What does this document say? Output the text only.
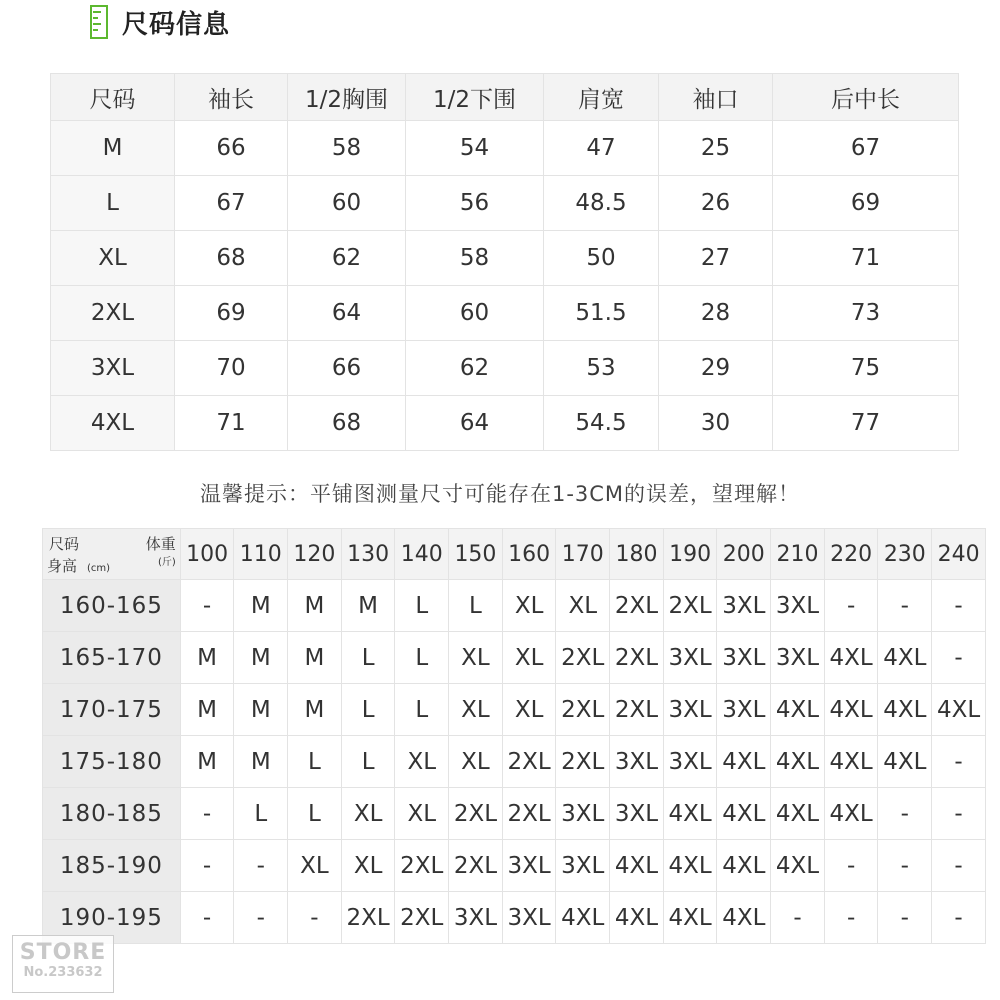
尺码信息
尺码	袖长	1/2胸围	1/2下围	肩宽	袖口	后中长
M	66	58	54	47	25	67
L	67	60	56	48.5	26	69
XL	68	62	58	50	27	71
2XL	69	64	60	51.5	28	73
3XL	70	66	62	53	29	75
4XL	71	68	64	54.5	30	77
温馨提示：平铺图测量尺寸可能存在1-3CM的误差，望理解！
尺码 体重
(斤)
身高 (cm)	100	110	120	130	140	150	160	170	180	190	200	210	220	230	240
160-165	-	M	M	M	L	L	XL	XL	2XL	2XL	3XL	3XL	-	-	-
165-170	M	M	M	L	L	XL	XL	2XL	2XL	3XL	3XL	3XL	4XL	4XL	-
170-175	M	M	M	L	L	XL	XL	2XL	2XL	3XL	3XL	4XL	4XL	4XL	4XL
175-180	M	M	L	L	XL	XL	2XL	2XL	3XL	3XL	4XL	4XL	4XL	4XL	-
180-185	-	L	L	XL	XL	2XL	2XL	3XL	3XL	4XL	4XL	4XL	4XL	-	-
185-190	-	-	XL	XL	2XL	2XL	3XL	3XL	4XL	4XL	4XL	4XL	-	-	-
190-195	-	-	-	2XL	2XL	3XL	3XL	4XL	4XL	4XL	4XL	-	-	-	-
STORE
No.233632
